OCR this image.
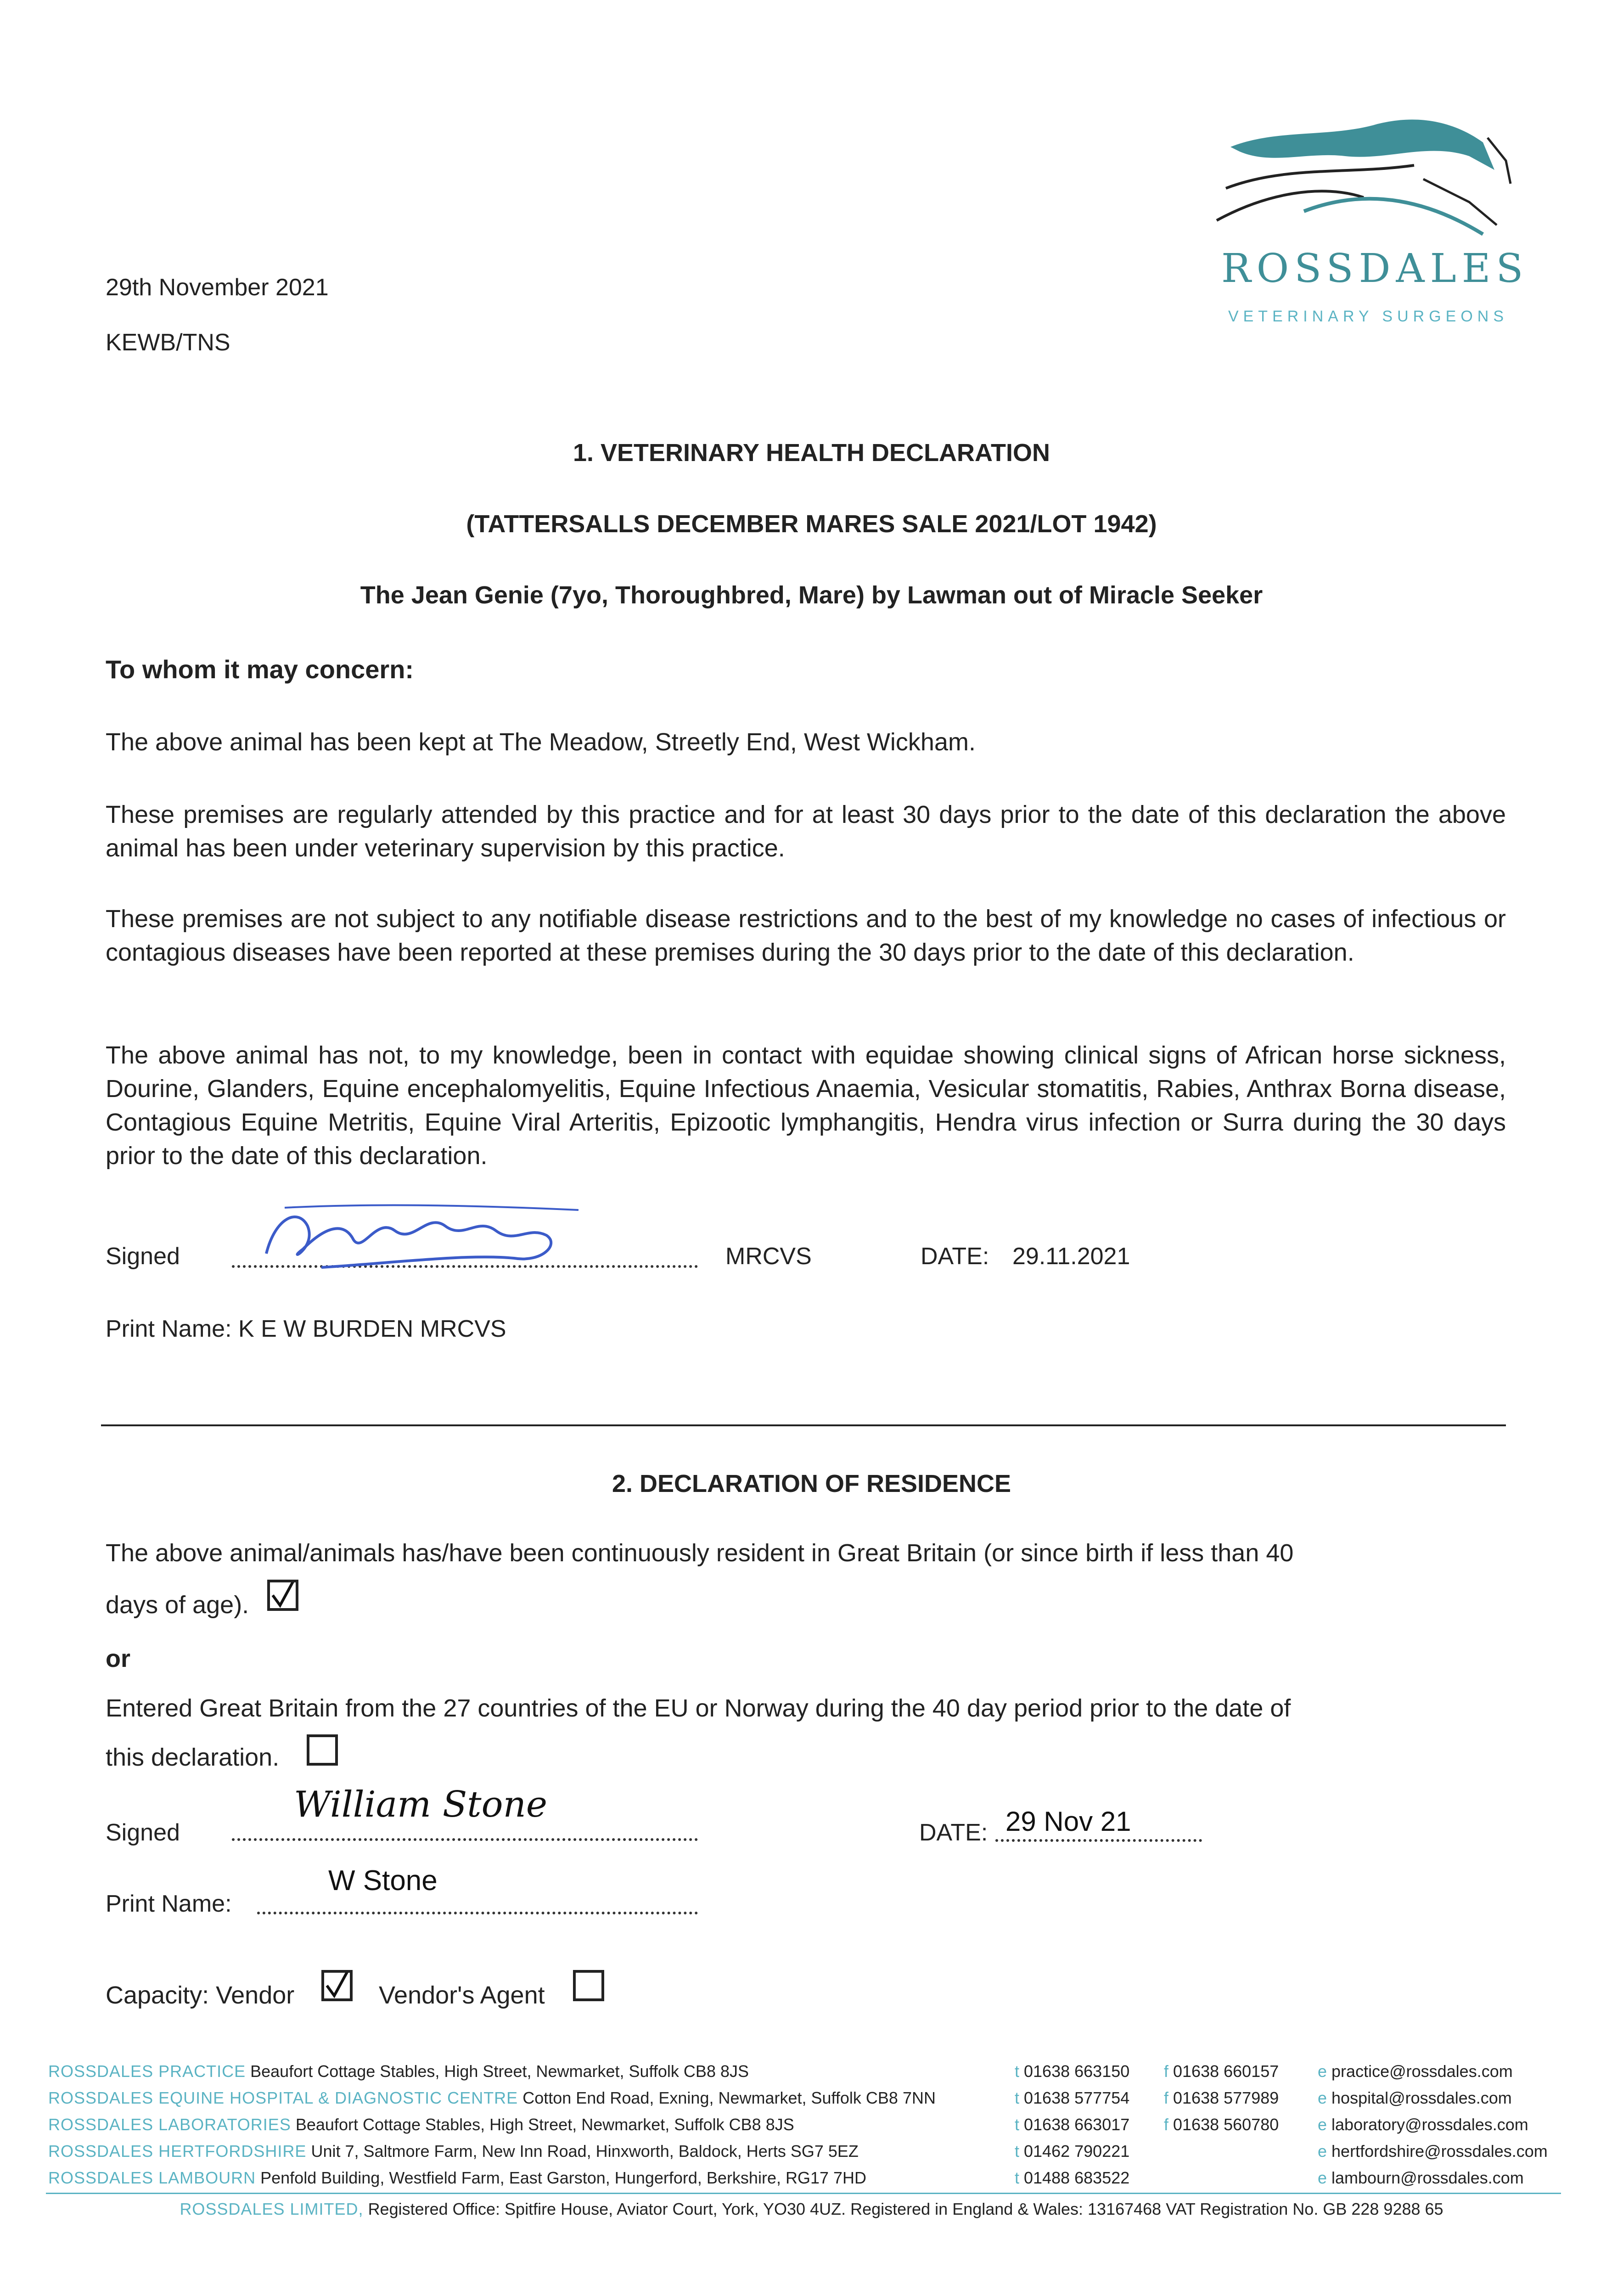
29th November 2021
KEWB/TNS
ROSSDALES
VETERINARY SURGEONS
1. VETERINARY HEALTH DECLARATION
(TATTERSALLS DECEMBER MARES SALE 2021/LOT 1942)
The Jean Genie (7yo, Thoroughbred, Mare) by Lawman out of Miracle Seeker
To whom it may concern:
The above animal has been kept at The Meadow, Streetly End, West Wickham.
These premises are regularly attended by this practice and for at least 30 days prior to the date of this declaration the above animal has been under veterinary supervision by this practice.
These premises are not subject to any notifiable disease restrictions and to the best of my knowledge no cases of infectious or contagious diseases have been reported at these premises during the 30 days prior to the date of this declaration.
The above animal has not, to my knowledge, been in contact with equidae showing clinical signs of African horse sickness, Dourine, Glanders, Equine encephalomyelitis, Equine Infectious Anaemia, Vesicular stomatitis, Rabies, Anthrax Borna disease, Contagious Equine Metritis, Equine Viral Arteritis, Epizootic lymphangitis, Hendra virus infection or Surra during the 30 days prior to the date of this declaration.
Signed	MRCVS	DATE: 29.11.2021
Print Name: K E W BURDEN MRCVS
2. DECLARATION OF RESIDENCE
The above animal/animals has/have been continuously resident in Great Britain (or since birth if less than 40
days of age).
or
Entered Great Britain from the 27 countries of the EU or Norway during the 40 day period prior to the date of
this declaration.
Signed
William Stone
DATE: 29 Nov 21
Print Name:
W Stone
Capacity: Vendor	Vendor's Agent
ROSSDALES PRACTICE Beaufort Cottage Stables, High Street, Newmarket, Suffolk CB8 8JS	t 01638 663150 f 01638 660157 e practice@rossdales.com
ROSSDALES EQUINE HOSPITAL & DIAGNOSTIC CENTRE Cotton End Road, Exning, Newmarket, Suffolk CB8 7NN	t 01638 577754 f 01638 577989 e hospital@rossdales.com
ROSSDALES LABORATORIES Beaufort Cottage Stables, High Street, Newmarket, Suffolk CB8 8JS	t 01638 663017 f 01638 560780 e laboratory@rossdales.com
ROSSDALES HERTFORDSHIRE Unit 7, Saltmore Farm, New Inn Road, Hinxworth, Baldock, Herts SG7 5EZ	t 01462 790221	e hertfordshire@rossdales.com
ROSSDALES LAMBOURN Penfold Building, Westfield Farm, East Garston, Hungerford, Berkshire, RG17 7HD	t 01488 683522	e lambourn@rossdales.com
ROSSDALES LIMITED, Registered Office: Spitfire House, Aviator Court, York, YO30 4UZ. Registered in England & Wales: 13167468 VAT Registration No. GB 228 9288 65
